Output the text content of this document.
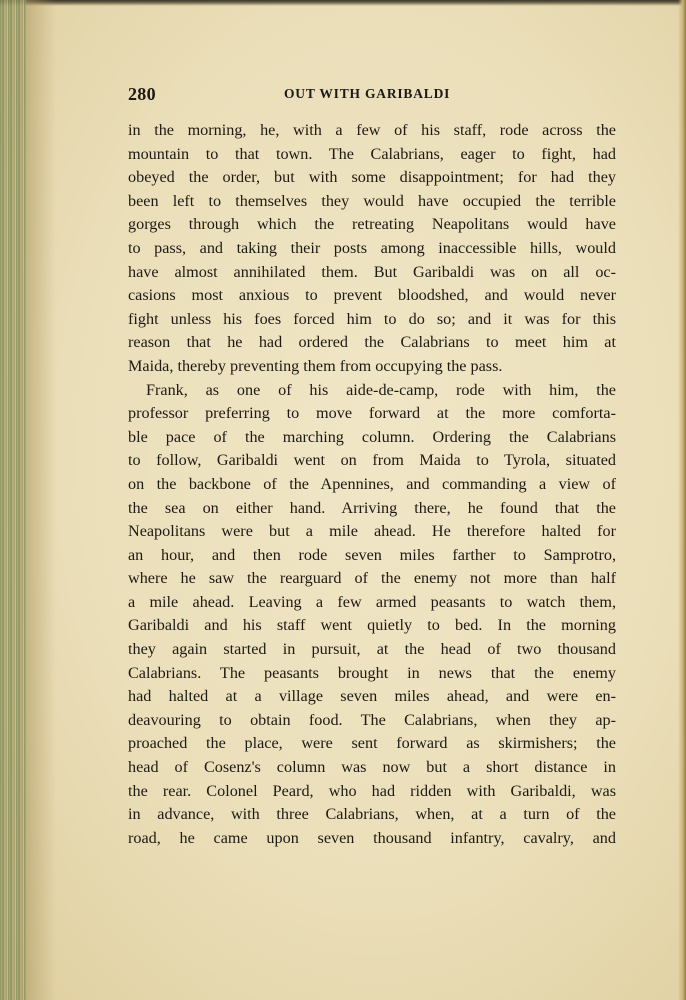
280	OUT WITH GARIBALDI
in the morning, he, with a few of his staff, rode across the
mountain to that town. The Calabrians, eager to fight, had
obeyed the order, but with some disappointment; for had they
been left to themselves they would have occupied the terrible
gorges through which the retreating Neapolitans would have
to pass, and taking their posts among inaccessible hills, would
have almost annihilated them. But Garibaldi was on all oc-
casions most anxious to prevent bloodshed, and would never
fight unless his foes forced him to do so; and it was for this
reason that he had ordered the Calabrians to meet him at
Maida, thereby preventing them from occupying the pass.
Frank, as one of his aide-de-camp, rode with him, the
professor preferring to move forward at the more comforta-
ble pace of the marching column. Ordering the Calabrians
to follow, Garibaldi went on from Maida to Tyrola, situated
on the backbone of the Apennines, and commanding a view of
the sea on either hand. Arriving there, he found that the
Neapolitans were but a mile ahead. He therefore halted for
an hour, and then rode seven miles farther to Samprotro,
where he saw the rearguard of the enemy not more than half
a mile ahead. Leaving a few armed peasants to watch them,
Garibaldi and his staff went quietly to bed. In the morning
they again started in pursuit, at the head of two thousand
Calabrians. The peasants brought in news that the enemy
had halted at a village seven miles ahead, and were en-
deavouring to obtain food. The Calabrians, when they ap-
proached the place, were sent forward as skirmishers; the
head of Cosenz's column was now but a short distance in
the rear. Colonel Peard, who had ridden with Garibaldi, was
in advance, with three Calabrians, when, at a turn of the
road, he came upon seven thousand infantry, cavalry, and
